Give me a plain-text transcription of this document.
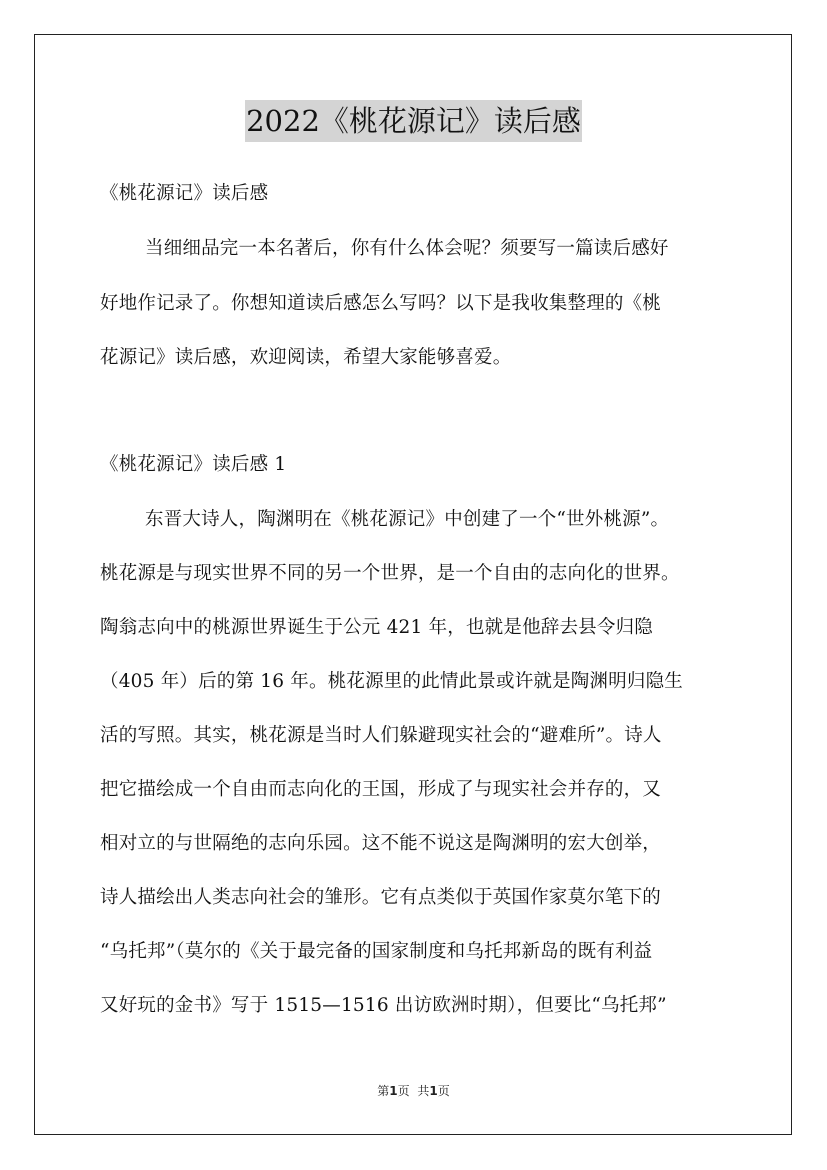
2022《桃花源记》读后感
《桃花源记》读后感
当细细品完一本名著后，你有什么体会呢？须要写一篇读后感好
好地作记录了。你想知道读后感怎么写吗？以下是我收集整理的《桃
花源记》读后感，欢迎阅读，希望大家能够喜爱。
《桃花源记》读后感 1
东晋大诗人，陶渊明在《桃花源记》中创建了一个“世外桃源”。
桃花源是与现实世界不同的另一个世界，是一个自由的志向化的世界。
陶翁志向中的桃源世界诞生于公元 421 年，也就是他辞去县令归隐
（405 年）后的第 16 年。桃花源里的此情此景或许就是陶渊明归隐生
活的写照。其实，桃花源是当时人们躲避现实社会的“避难所”。诗人
把它描绘成一个自由而志向化的王国，形成了与现实社会并存的，又
相对立的与世隔绝的志向乐园。这不能不说这是陶渊明的宏大创举，
诗人描绘出人类志向社会的雏形。它有点类似于英国作家莫尔笔下的
“乌托邦”（莫尔的《关于最完备的国家制度和乌托邦新岛的既有利益
又好玩的金书》写于 1515—1516 出访欧洲时期），但要比“乌托邦”
第1页 共1页
